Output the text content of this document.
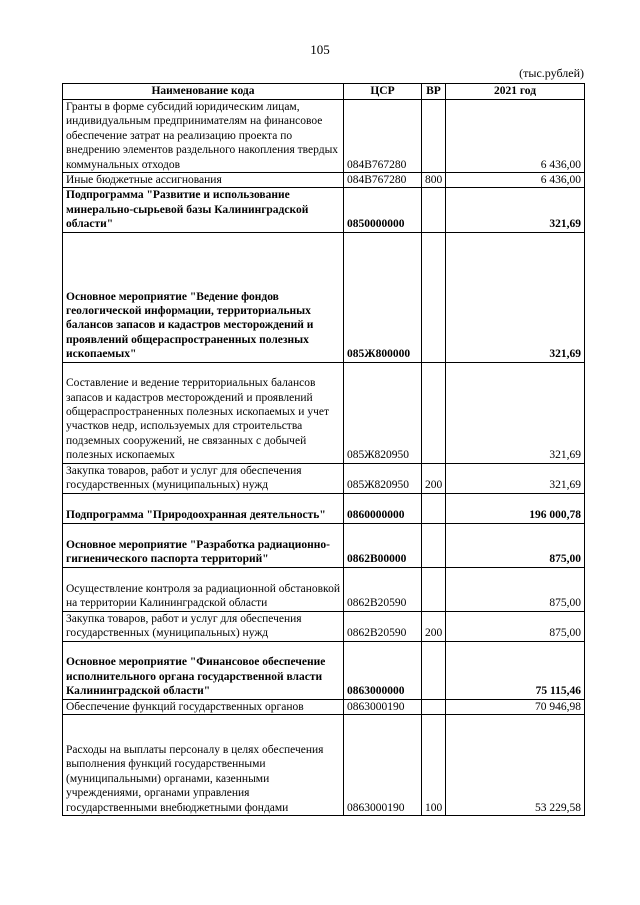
105
(тыс.рублей)
Наименование кода	ЦСР	ВР	2021 год
Гранты в форме субсидий юридическим лицам, индивидуальным предпринимателям на финансовое обеспечение затрат на реализацию проекта по внедрению элементов раздельного накопления твердых коммунальных отходов	084B767280		6 436,00
Иные бюджетные ассигнования	084B767280	800	6 436,00
Подпрограмма "Развитие и использование минерально-сырьевой базы Калининградской области"	0850000000		321,69
Основное мероприятие "Ведение фондов геологической информации, территориальных балансов запасов и кадастров месторождений и проявлений общераспространенных полезных ископаемых"	085Ж800000		321,69
Составление и ведение территориальных балансов запасов и кадастров месторождений и проявлений общераспространенных полезных ископаемых и учет участков недр, используемых для строительства подземных сооружений, не связанных с добычей полезных ископаемых	085Ж820950		321,69
Закупка товаров, работ и услуг для обеспечения государственных (муниципальных) нужд	085Ж820950	200	321,69
Подпрограмма "Природоохранная деятельность"	0860000000		196 000,78
Основное мероприятие "Разработка радиационно-гигиенического паспорта территорий"	0862B00000		875,00
Осуществление контроля за радиационной обстановкой на территории Калининградской области	0862B20590		875,00
Закупка товаров, работ и услуг для обеспечения государственных (муниципальных) нужд	0862B20590	200	875,00
Основное мероприятие "Финансовое обеспечение исполнительного органа государственной власти Калининградской области"	0863000000		75 115,46
Обеспечение функций государственных органов	0863000190		70 946,98
Расходы на выплаты персоналу в целях обеспечения выполнения функций государственными (муниципальными) органами, казенными учреждениями, органами управления государственными внебюджетными фондами	0863000190	100	53 229,58
